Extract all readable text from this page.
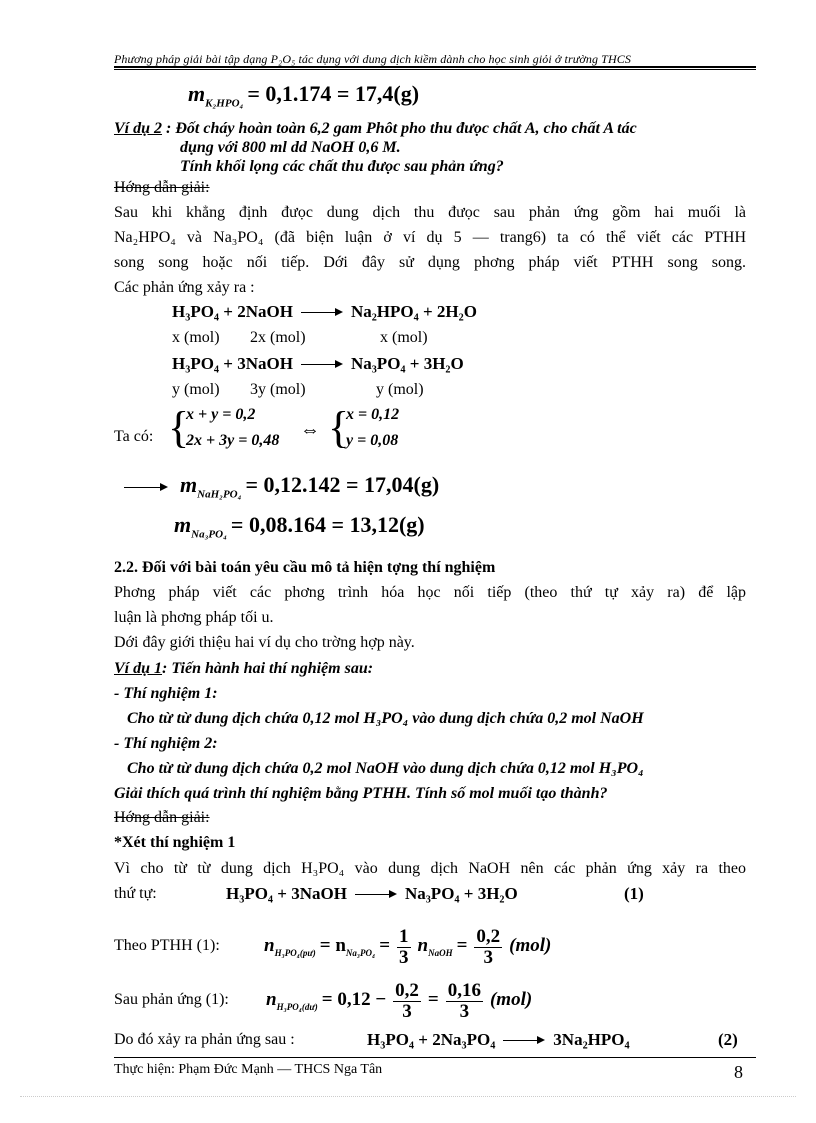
Phương pháp giải bài tập dạng P₂O₅ tác dụng với dung dịch kiềm dành cho học sinh giỏi ở trường THCS
$m_{K_2HPO_4} = 0,1.174 = 17,4(g)$
Ví dụ 2 : Đốt cháy hoàn toàn 6,2 gam Phôt pho thu đưọc chất A, cho chất A tác
dụng với 800 ml dd NaOH 0,6 M.
Tính khối lọng các chất thu đưọc sau phản ứng?
Hớng dẫn giải:
Sau khi khẳng định đưọc dung dịch thu đưọc sau phản ứng gồm hai muối là
Na₂HPO₄ và Na₃PO₄ (đã biện luận ở ví dụ 5 — trang6) ta có thể viết các PTHH
song song hoặc nối tiếp. Dới đây sử dụng phơng pháp viết PTHH song song.
Các phản ứng xảy ra :
H₃PO₄ + 2NaOH	Na₂HPO₄ + 2H₂O
x (mol) 2x (mol)	x (mol)
H₃PO₄ + 3NaOH	Na₃PO₄ + 3H₂O
y (mol) 3y (mol)	y (mol)
Ta có: {
x + y = 0,2
2x + 3y = 0,48 ⇔ {
x = 0,12
y = 0,08
$m_{NaH_2PO_4} = 0,12.142 = 17,04(g)$
$m_{Na_3PO_4} = 0,08.164 = 13,12(g)$
2.2. Đối với bài toán yêu cầu mô tả hiện tợng thí nghiệm
Phơng pháp viết các phơng trình hóa học nối tiếp (theo thứ tự xảy ra) để lập
luận là phơng pháp tối u.
Dới đây giới thiệu hai ví dụ cho trờng hợp này.
Ví dụ 1: Tiến hành hai thí nghiệm sau:
- Thí nghiệm 1:
Cho từ từ dung dịch chứa 0,12 mol H₃PO₄ vào dung dịch chứa 0,2 mol NaOH
- Thí nghiệm 2:
Cho từ từ dung dịch chứa 0,2 mol NaOH vào dung dịch chứa 0,12 mol H₃PO₄
Giải thích quá trình thí nghiệm bằng PTHH. Tính số mol muối tạo thành?
Hớng dẫn giải:
*Xét thí nghiệm 1
Vì cho từ từ dung dịch H₃PO₄ vào dung dịch NaOH nên các phản ứng xảy ra theo
thứ tự:	H₃PO₄ + 3NaOH	Na₃PO₄ + 3H₂O	(1)
Theo PTHH (1): $n_{H_3PO_4(pư)} = n_{Na_3PO_4} = \frac{1}{3} n_{NaOH} = \frac{0,2}{3} (mol)$
Sau phản ứng (1): $n_{H_3PO_4(dư)} = 0,12 - \frac{0,2}{3} = \frac{0,16}{3} (mol)$
Do đó xảy ra phản ứng sau :	H₃PO₄ + 2Na₃PO₄	3Na₂HPO₄	(2)
Thực hiện: Phạm Đức Mạnh — THCS Nga Tân	8
